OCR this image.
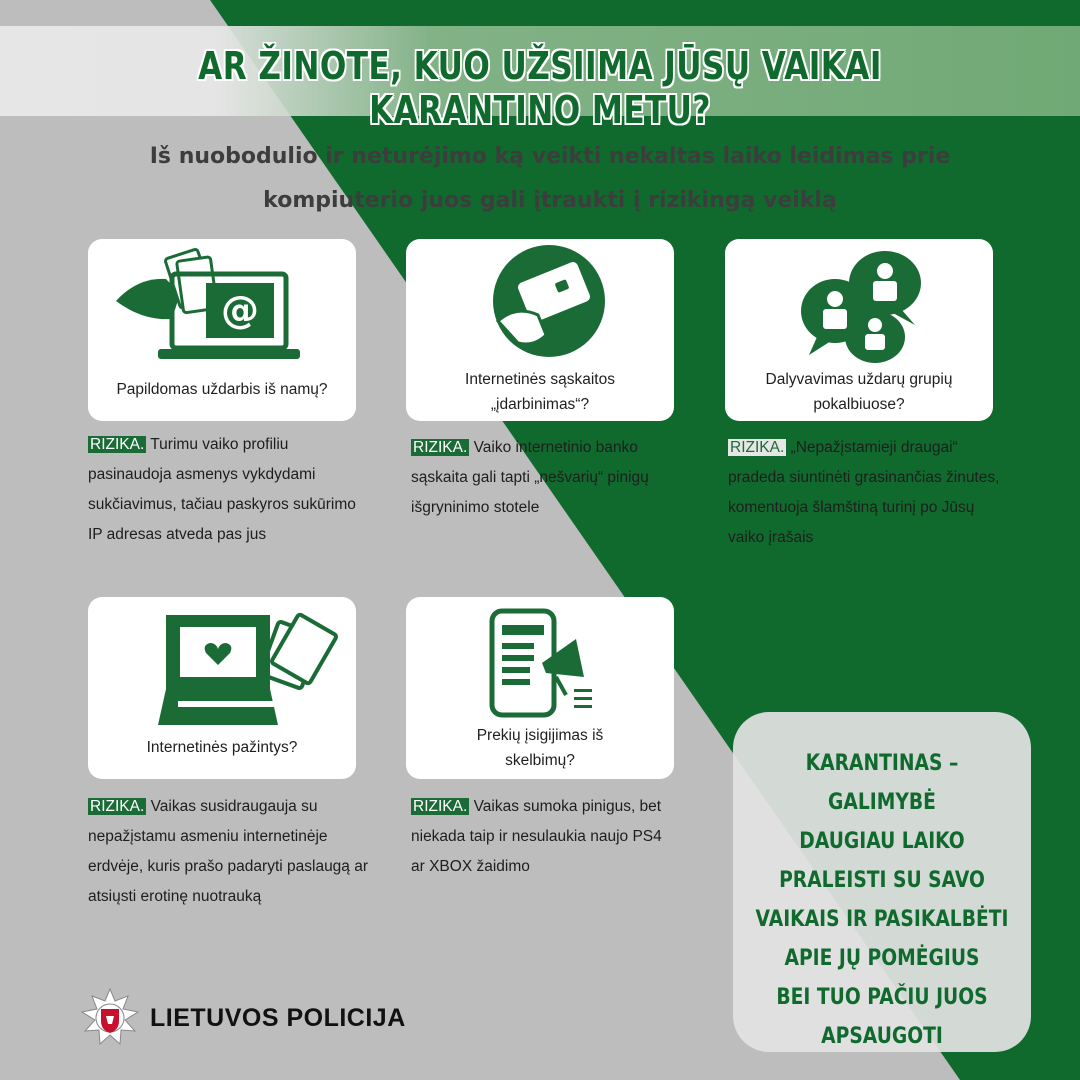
AR ŽINOTE, KUO UŽSIIMA JŪSŲ VAIKAI KARANTINO METU?
Iš nuobodulio ir neturėjimo ką veikti nekaltas laiko leidimas prie
kompiuterio juos gali įtraukti į rizikingą veiklą
@
Papildomas uždarbis iš namų?
RIZIKA. Turimu vaiko profiliu pasinaudoja asmenys vykdydami sukčiavimus, tačiau paskyros sukūrimo IP adresas atveda pas jus
Internetinės sąskaitos
„įdarbinimas“?
RIZIKA. Vaiko internetinio banko sąskaita gali tapti „nešvarių“ pinigų išgryninimo stotele
Dalyvavimas uždarų grupių
pokalbiuose?
RIZIKA. „Nepažįstamieji draugai“ pradeda siuntinėti grasinančias žinutes, komentuoja šlamštiną turinį po Jūsų vaiko įrašais
Internetinės pažintys?
RIZIKA. Vaikas susidraugauja su nepažįstamu asmeniu internetinėje erdvėje, kuris prašo padaryti paslaugą ar atsiųsti erotinę nuotrauką
Prekių įsigijimas iš
skelbimų?
RIZIKA. Vaikas sumoka pinigus, bet niekada taip ir nesulaukia naujo PS4 ar XBOX žaidimo
KARANTINAS – GALIMYBĖ
DAUGIAU LAIKO
PRALEISTI SU SAVO
VAIKAIS IR PASIKALBĖTI
APIE JŲ POMĖGIUS
BEI TUO PAČIU JUOS
APSAUGOTI
LIETUVOS POLICIJA
